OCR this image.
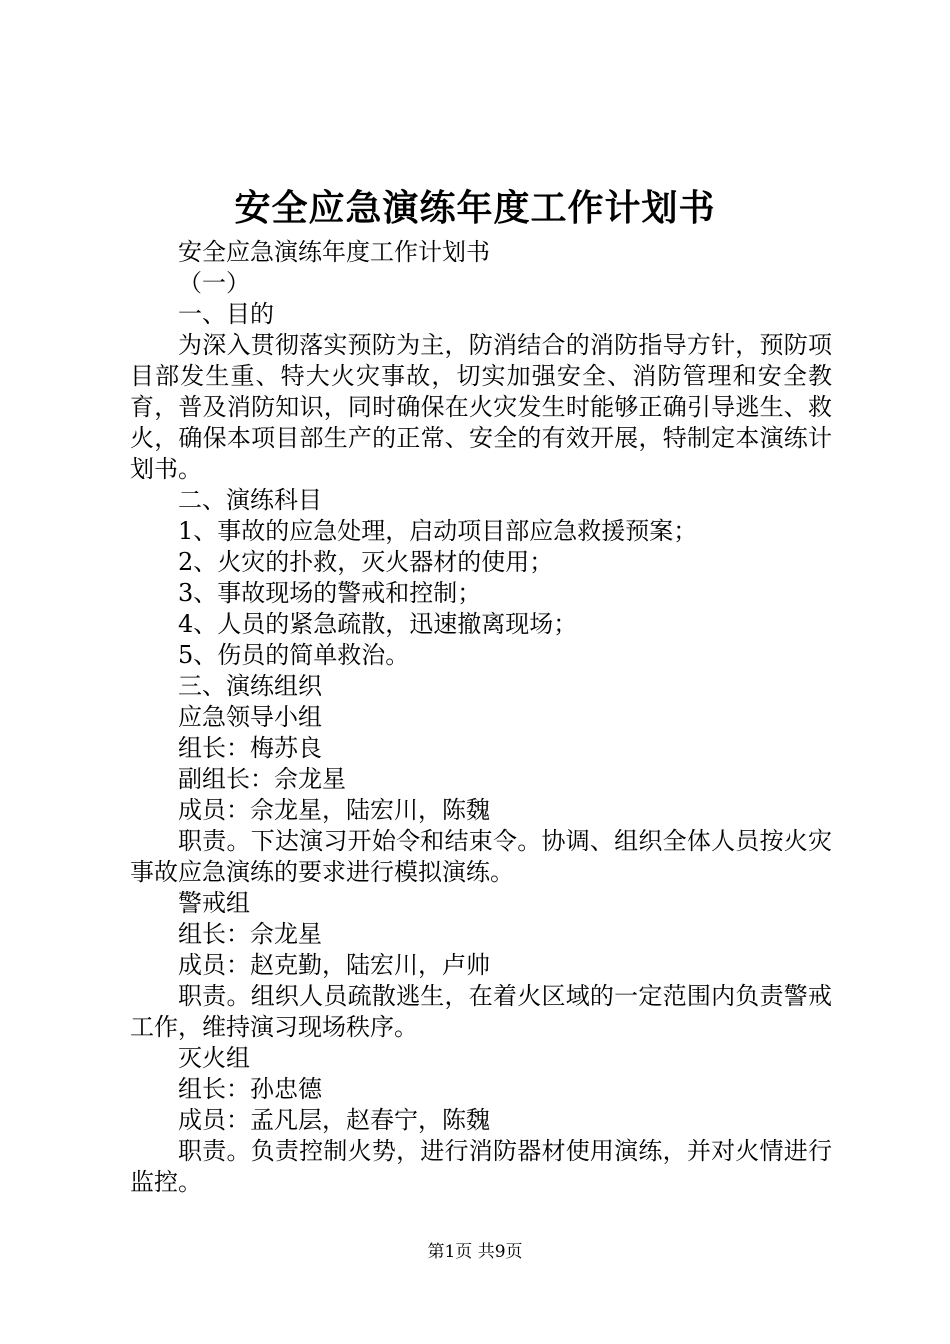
安全应急演练年度工作计划书

安全应急演练年度工作计划书

（一）

一、目的

为深入贯彻落实预防为主，防消结合的消防指导方针，预防项目部发生重、特大火灾事故，切实加强安全、消防管理和安全教育，普及消防知识，同时确保在火灾发生时能够正确引导逃生、救火，确保本项目部生产的正常、安全的有效开展，特制定本演练计划书。

二、演练科目

1、事故的应急处理，启动项目部应急救援预案；

2、火灾的扑救，灭火器材的使用；

3、事故现场的警戒和控制；

4、人员的紧急疏散，迅速撤离现场；

5、伤员的简单救治。

三、演练组织

应急领导小组

组长：梅苏良

副组长：佘龙星

成员：佘龙星，陆宏川，陈魏

职责。下达演习开始令和结束令。协调、组织全体人员按火灾事故应急演练的要求进行模拟演练。

警戒组

组长：佘龙星

成员：赵克勤，陆宏川，卢帅

职责。组织人员疏散逃生，在着火区域的一定范围内负责警戒工作，维持演习现场秩序。

灭火组

组长：孙忠德

成员：孟凡层，赵春宁，陈魏

职责。负责控制火势，进行消防器材使用演练，并对火情进行监控。

第1页 共9页
